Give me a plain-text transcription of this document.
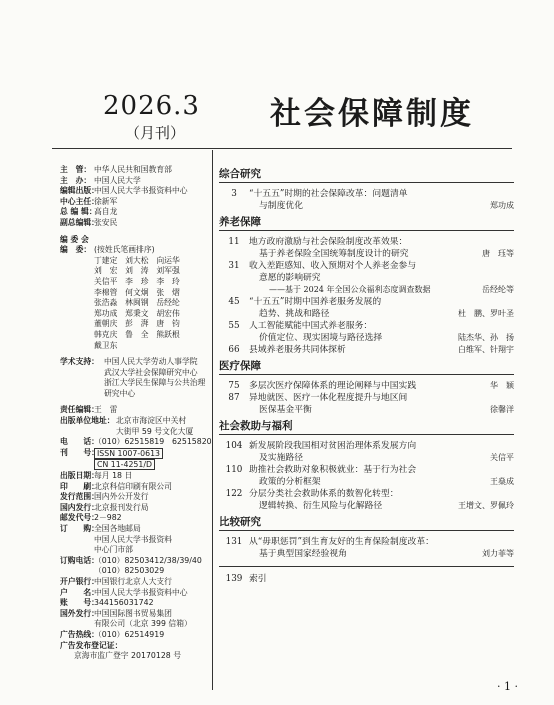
2026.3
（月刊）
社会保障制度
主　管： 中华人民共和国教育部
主　办： 中国人民大学
编辑出版：
中国人民大学书报资料中心
中心主任：
徐新军
总 编 辑：
高自龙
副总编辑：
张安民
编 委 会
编　委： (按姓氏笔画排序)
丁建定　刘大松　向运华
刘　宏　刘　涛　刘军强
关信平　李　珍　李　玲
李棉管　何文炯　张　熠
张浩淼　林闽钢　岳经纶
郑功成　郑秉文　胡宏伟
董朝庆　彭　湃　唐　钧
韩克庆　鲁　全　熊跃根
戴卫东
学术支持： 中国人民大学劳动人事学院
武汉大学社会保障研究中心
浙江大学民生保障与公共治理
研究中心
责任编辑：
王　雷
出版单位地址： 北京市海淀区中关村
大街甲 59 号文化大厦
电　　话：
（010）62515819　62515820
刊　　号：
ISSN 1007-0613
CN 11-4251/D
出版日期：
每月 18 日
印　　刷：
北京科信印刷有限公司
发行范围：
国内外公开发行
国内发行：
北京报刊发行局
邮发代号：
2－982
订　　购：
全国各地邮局
中国人民大学书报资料
中心门市部
订购电话：
（010）82503412/38/39/40
（010）82503029
开户银行：
中国银行北京人大支行
户　　名：
中国人民大学书报资料中心
账　　号：
344156031742
国外发行：
中国国际图书贸易集团
有限公司（北京 399 信箱）
广告热线：
（010）62514919
广告发布登记证：
京海市监广登字 20170128 号
综合研究
3	“十五五”时期的社会保障改革：问题清单
与制度优化	郑功成
养老保障
11	地方政府激励与社会保险制度改革效果：
基于养老保险全国统筹制度设计的研究	唐　珏等
31	收入差距感知、收入预期对个人养老金参与
意愿的影响研究
——基于 2024 年全国公众福利态度调查数据	岳经纶等
45	“十五五”时期中国养老服务发展的
趋势、挑战和路径	杜　鹏、罗叶圣
55	人工智能赋能中国式养老服务：
价值定位、现实困境与路径选择	陆杰华、孙　扬
66	县域养老服务共同体探析	白维军、针翔宇
医疗保障
75	多层次医疗保障体系的理论阐释与中国实践	华　颖
87	异地就医、医疗一体化程度提升与地区间
医保基金平衡	徐馨洋
社会救助与福利
104 新发展阶段我国相对贫困治理体系发展方向
及实施路径	关信平
110 助推社会救助对象积极就业：基于行为社会
政策的分析框架	王燊成
122 分层分类社会救助体系的数智化转型：
逻辑转换、衍生风险与化解路径	王增文、罗佩玲
比较研究
131 从“毋职惩罚”到生育友好的生育保险制度改革：
基于典型国家经验视角	刘力菲等
139 索引
· 1 ·
